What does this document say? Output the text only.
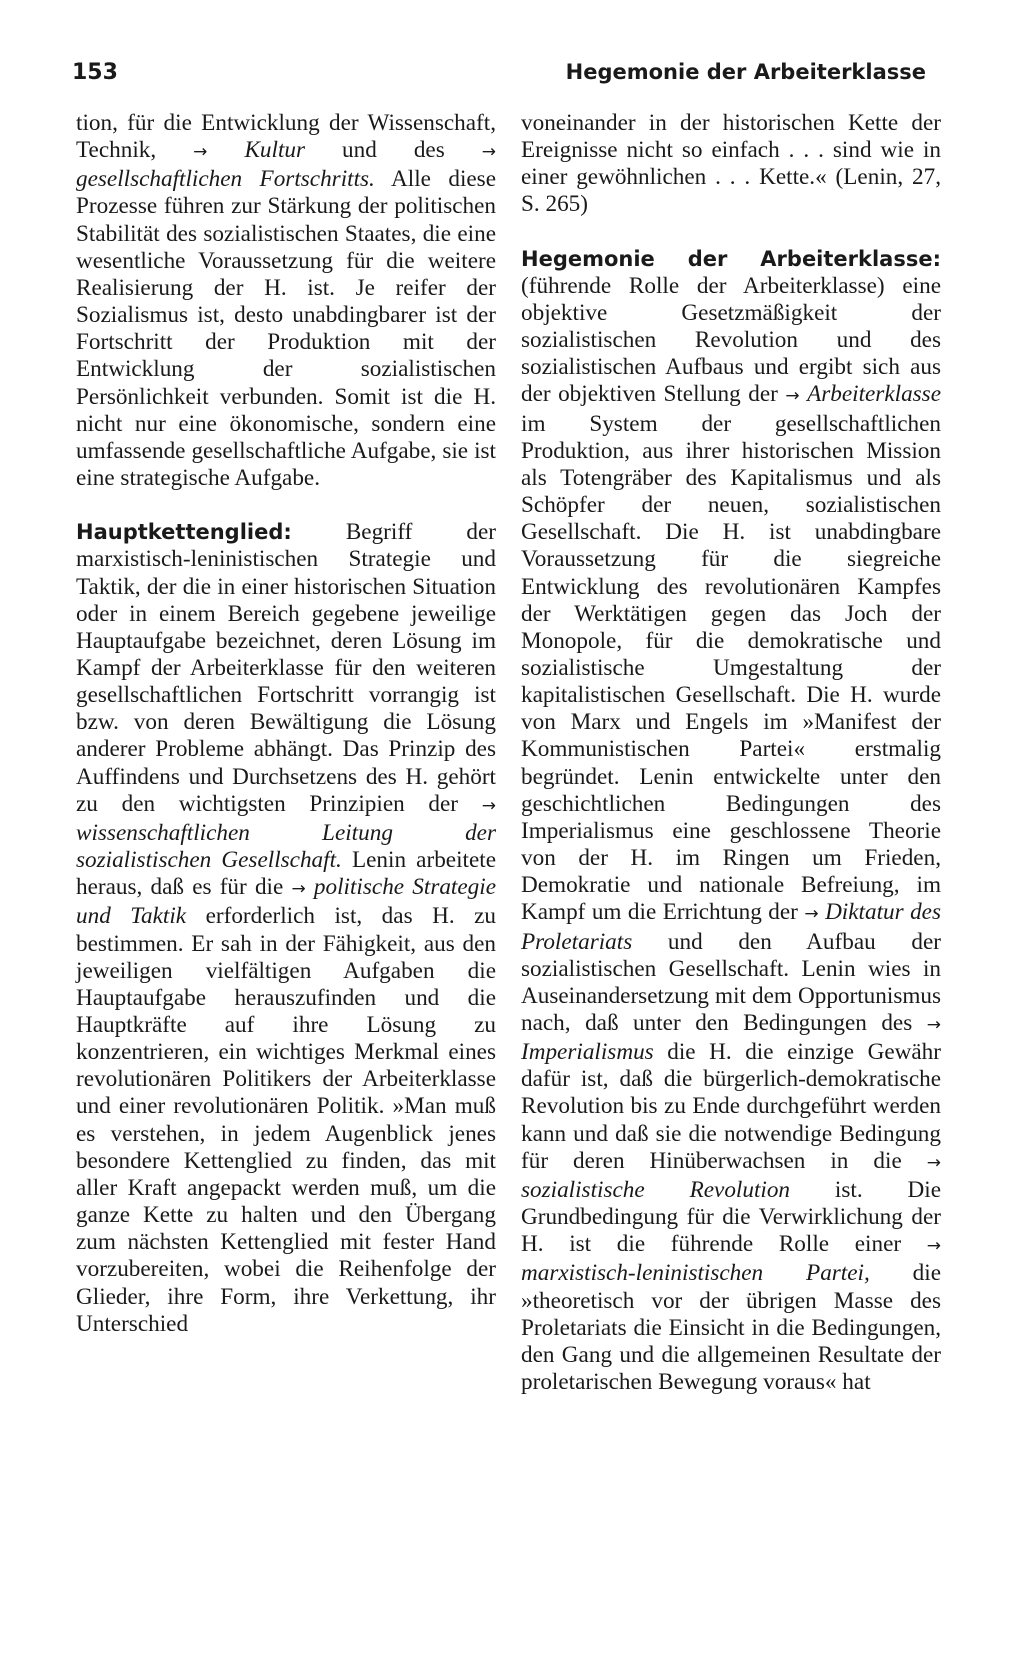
153	Hegemonie der Arbeiterklasse

tion, für die Entwicklung der Wissenschaft, Technik, → Kultur und des → gesellschaftlichen Fortschritts. Alle diese Prozesse führen zur Stärkung der politischen Stabilität des sozialistischen Staates, die eine wesentliche Voraussetzung für die weitere Realisierung der H. ist. Je reifer der Sozialismus ist, desto unabdingbarer ist der Fortschritt der Produktion mit der Entwicklung der sozialistischen Persönlichkeit verbunden. Somit ist die H. nicht nur eine ökonomische, sondern eine umfassende gesellschaftliche Aufgabe, sie ist eine strategische Aufgabe.

Hauptkettenglied: Begriff der marxistisch-leninistischen Strategie und Taktik, der die in einer historischen Situation oder in einem Bereich gegebene jeweilige Hauptaufgabe bezeichnet, deren Lösung im Kampf der Arbeiterklasse für den weiteren gesellschaftlichen Fortschritt vorrangig ist bzw. von deren Bewältigung die Lösung anderer Probleme abhängt. Das Prinzip des Auffindens und Durchsetzens des H. gehört zu den wichtigsten Prinzipien der → wissenschaftlichen Leitung der sozialistischen Gesellschaft. Lenin arbeitete heraus, daß es für die → politische Strategie und Taktik erforderlich ist, das H. zu bestimmen. Er sah in der Fähigkeit, aus den jeweiligen vielfältigen Aufgaben die Hauptaufgabe herauszufinden und die Hauptkräfte auf ihre Lösung zu konzentrieren, ein wichtiges Merkmal eines revolutionären Politikers der Arbeiterklasse und einer revolutionären Politik. »Man muß es verstehen, in jedem Augenblick jenes besondere Kettenglied zu finden, das mit aller Kraft angepackt werden muß, um die ganze Kette zu halten und den Übergang zum nächsten Kettenglied mit fester Hand vorzubereiten, wobei die Reihenfolge der Glieder, ihre Form, ihre Verkettung, ihr Unterschied

voneinander in der historischen Kette der Ereignisse nicht so einfach . . . sind wie in einer gewöhnlichen . . . Kette.« (Lenin, 27, S. 265)

Hegemonie der Arbeiterklasse: (führende Rolle der Arbeiterklasse) eine objektive Gesetzmäßigkeit der sozialistischen Revolution und des sozialistischen Aufbaus und ergibt sich aus der objektiven Stellung der → Arbeiterklasse im System der gesellschaftlichen Produktion, aus ihrer historischen Mission als Totengräber des Kapitalismus und als Schöpfer der neuen, sozialistischen Gesellschaft. Die H. ist unabdingbare Voraussetzung für die siegreiche Entwicklung des revolutionären Kampfes der Werktätigen gegen das Joch der Monopole, für die demokratische und sozialistische Umgestaltung der kapitalistischen Gesellschaft. Die H. wurde von Marx und Engels im »Manifest der Kommunistischen Partei« erstmalig begründet. Lenin entwickelte unter den geschichtlichen Bedingungen des Imperialismus eine geschlossene Theorie von der H. im Ringen um Frieden, Demokratie und nationale Befreiung, im Kampf um die Errichtung der → Diktatur des Proletariats und den Aufbau der sozialistischen Gesellschaft. Lenin wies in Auseinandersetzung mit dem Opportunismus nach, daß unter den Bedingungen des → Imperialismus die H. die einzige Gewähr dafür ist, daß die bürgerlich-demokratische Revolution bis zu Ende durchgeführt werden kann und daß sie die notwendige Bedingung für deren Hinüberwachsen in die → sozialistische Revolution ist. Die Grundbedingung für die Verwirklichung der H. ist die führende Rolle einer → marxistisch-leninistischen Partei, die »theoretisch vor der übrigen Masse des Proletariats die Einsicht in die Bedingungen, den Gang und die allgemeinen Resultate der proletarischen Bewegung voraus« hat
